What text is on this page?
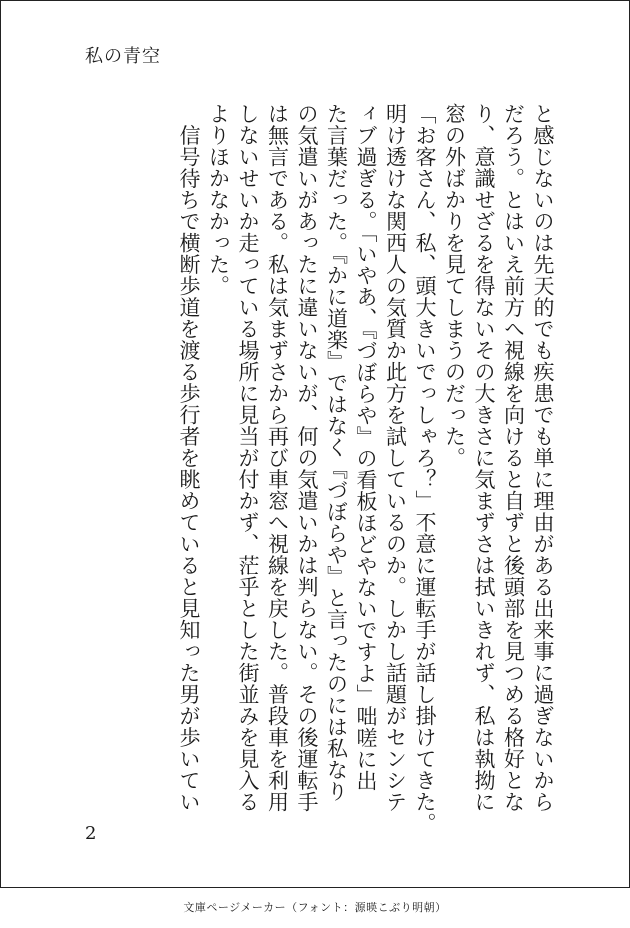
私の青空
と感じないのは先天的でも疾患でも単に理由がある出来事に過ぎないから
だろう。とはいえ前方へ視線を向けると自ずと後頭部を見つめる格好とな
り、意識せざるを得ないその大きさに気まずさは拭いきれず、私は執拗に
窓の外ばかりを見てしまうのだった。
「お客さん、私、頭大きいでっしゃろ？」不意に運転手が話し掛けてきた。
明け透けな関西人の気質か此方を試しているのか。しかし話題がセンシテ
ィブ過ぎる。「いやあ、『づぼらや』の看板ほどやないですよ」咄嗟に出
た言葉だった。『かに道楽』ではなく『づぼらや』と言ったのには私なり
の気遣いがあったに違いないが、何の気遣いかは判らない。その後運転手
は無言である。私は気まずさから再び車窓へ視線を戻した。普段車を利用
しないせいか走っている場所に見当が付かず、茫乎とした街並みを見入る
よりほかなかった。
　信号待ちで横断歩道を渡る歩行者を眺めていると見知った男が歩いてい
2
文庫ページメーカー（フォント：源暎こぶり明朝）
